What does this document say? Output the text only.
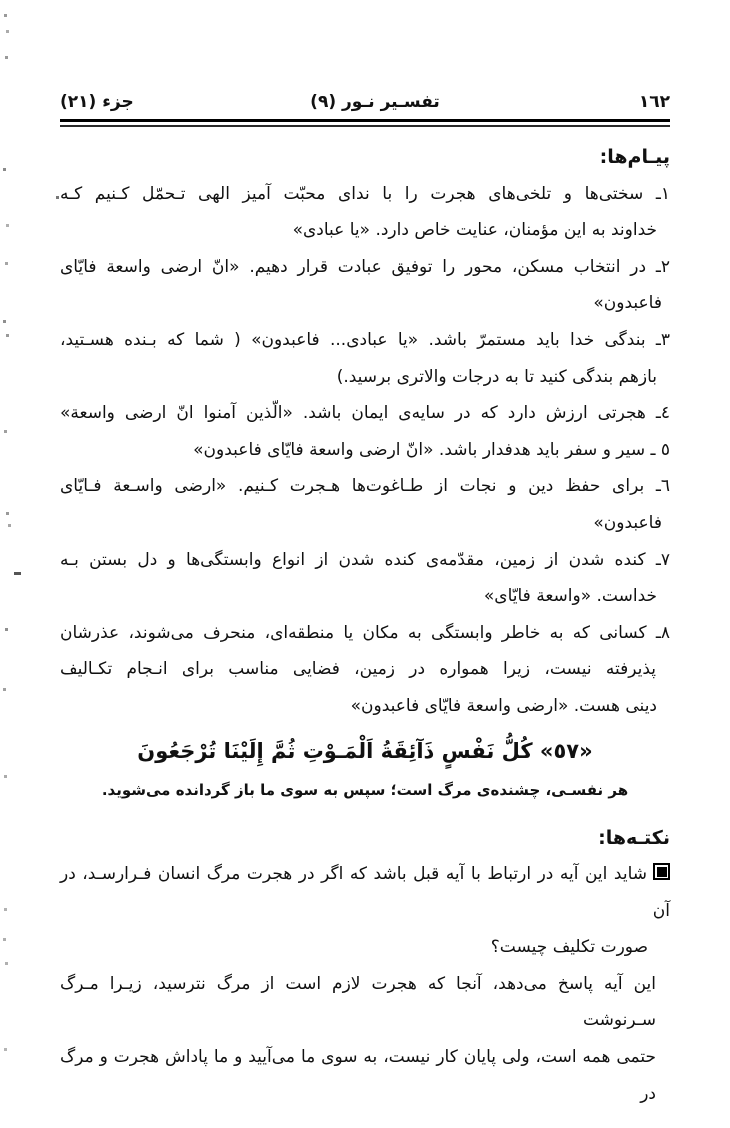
١٦٢
تفسـیر نـور (٩)
جزء (٢١)
پیـام‌ها:
١ـ سختی‌ها و تلخی‌های هجرت را با ندای محبّت آمیز الهی تـحمّل کـنیم کـه
خداوند به این مؤمنان، عنایت خاص دارد. «یا عبادی»
٢ـ در انتخاب مسکن، محور را توفیق عبادت قرار دهیم. «انّ ارضی واسعة فایّای
فاعبدون»
٣ـ بندگی خدا باید مستمرّ باشد. «یا عبادی... فاعبدون» ( شما که بـنده هسـتید،
بازهم بندگی کنید تا به درجات والاتری برسید.)
٤ـ هجرتی ارزش دارد که در سایه‌ی ایمان باشد. «الّذین آمنوا انّ ارضی واسعة»
٥ ـ سیر و سفر باید هدفدار باشد. «انّ ارضی واسعة فایّای فاعبدون»
٦ـ برای حفظ دین و نجات از طـاغوت‌ها هـجرت کـنیم. «ارضی واسـعة فـایّای
فاعبدون»
٧ـ کنده شدن از زمین، مقدّمه‌ی کنده شدن از انواع وابستگی‌ها و دل بستن بـه
خداست. «واسعة فایّای»
٨ـ کسانی که به خاطر وابستگی به مکان یا منطقه‌ای، منحرف می‌شوند، عذرشان
پذیرفته نیست، زیرا همواره در زمین، فضایی مناسب برای انـجام تکـالیف
دینی هست. «ارضی واسعة فایّای فاعبدون»
«٥٧» کُلُّ نَفْسٍ ذَآئِقَةُ اَلْمَـوْتِ ثُمَّ إِلَیْنَا تُرْجَعُونَ
هر نفسـی، چشنده‌ی مرگ است؛ سپس به سوی ما باز گردانده می‌شوید.
نکتـه‌ها:
شاید این آیه در ارتباط با آیه قبل باشد که اگر در هجرت مرگ انسان فـرارسـد، در آن
صورت تکلیف چیست؟
این آیه پاسخ می‌دهد، آنجا که هجرت لازم است از مرگ نترسید، زیـرا مـرگ سـرنوشت
حتمی همه است، ولی پایان کار نیست، به سوی ما می‌آیید و ما پاداش هجرت و مرگ در
